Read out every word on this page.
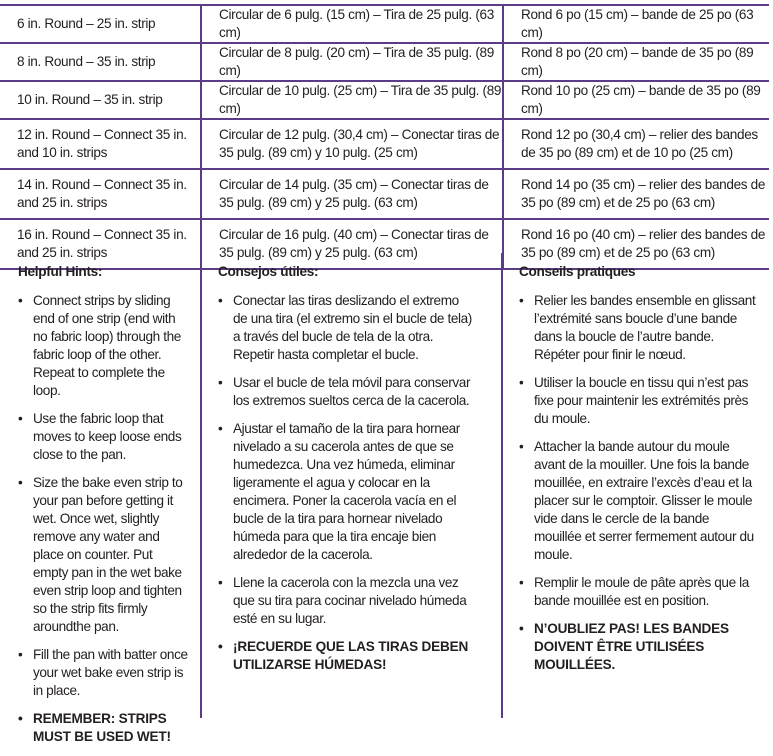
6 in. Round – 25 in. strip	Circular de 6 pulg. (15 cm) – Tira de 25 pulg. (63 cm)	Rond 6 po (15 cm) – bande de 25 po (63 cm)
8 in. Round – 35 in. strip	Circular de 8 pulg. (20 cm) – Tira de 35 pulg. (89 cm)	Rond 8 po (20 cm) – bande de 35 po (89 cm)
10 in. Round – 35 in. strip	Circular de 10 pulg. (25 cm) – Tira de 35 pulg. (89 cm)	Rond 10 po (25 cm) – bande de 35 po (89 cm)
12 in. Round – Connect 35 in. and 10 in. strips	Circular de 12 pulg. (30,4 cm) – Conectar tiras de 35 pulg. (89 cm) y 10 pulg. (25 cm)	Rond 12 po (30,4 cm) – relier des bandes de 35 po (89 cm) et de 10 po (25 cm)
14 in. Round – Connect 35 in. and 25 in. strips	Circular de 14 pulg. (35 cm) – Conectar tiras de 35 pulg. (89 cm) y 25 pulg. (63 cm)	Rond 14 po (35 cm) – relier des bandes de 35 po (89 cm) et de 25 po (63 cm)
16 in. Round – Connect 35 in. and 25 in. strips	Circular de 16 pulg. (40 cm) – Conectar tiras de 35 pulg. (89 cm) y 25 pulg. (63 cm)	Rond 16 po (40 cm) – relier des bandes de 35 po (89 cm) et de 25 po (63 cm)
Helpful Hints:
• Connect strips by sliding end of one strip (end with no fabric loop) through the fabric loop of the other. Repeat to complete the loop.
• Use the fabric loop that moves to keep loose ends close to the pan.
• Size the bake even strip to your pan before getting it wet. Once wet, slightly remove any water and place on counter. Put empty pan in the wet bake even strip loop and tighten so the strip fits firmly aroundthe pan.
• Fill the pan with batter once your wet bake even strip is in place.
• REMEMBER: STRIPS MUST BE USED WET!
Consejos útiles:
• Conectar las tiras deslizando el extremo de una tira (el extremo sin el bucle de tela) a través del bucle de tela de la otra. Repetir hasta completar el bucle.
• Usar el bucle de tela móvil para conservar los extremos sueltos cerca de la cacerola.
• Ajustar el tamaño de la tira para hornear nivelado a su cacerola antes de que se humedezca. Una vez húmeda, eliminar ligeramente el agua y colocar en la encimera. Poner la cacerola vacía en el bucle de la tira para hornear nivelado húmeda para que la tira encaje bien alrededor de la cacerola.
• Llene la cacerola con la mezcla una vez que su tira para cocinar nivelado húmeda esté en su lugar.
• ¡RECUERDE QUE LAS TIRAS DEBEN UTILIZARSE HÚMEDAS!
Conseils pratiques
• Relier les bandes ensemble en glissant l’extrémité sans boucle d’une bande dans la boucle de l’autre bande. Répéter pour finir le nœud.
• Utiliser la boucle en tissu qui n’est pas fixe pour maintenir les extrémités près du moule.
• Attacher la bande autour du moule avant de la mouiller. Une fois la bande mouillée, en extraire l’excès d’eau et la placer sur le comptoir. Glisser le moule vide dans le cercle de la bande mouillée et serrer fermement autour du moule.
• Remplir le moule de pâte après que la bande mouillée est en position.
• N’OUBLIEZ PAS! LES BANDES DOIVENT ÊTRE UTILISÉES MOUILLÉES.
